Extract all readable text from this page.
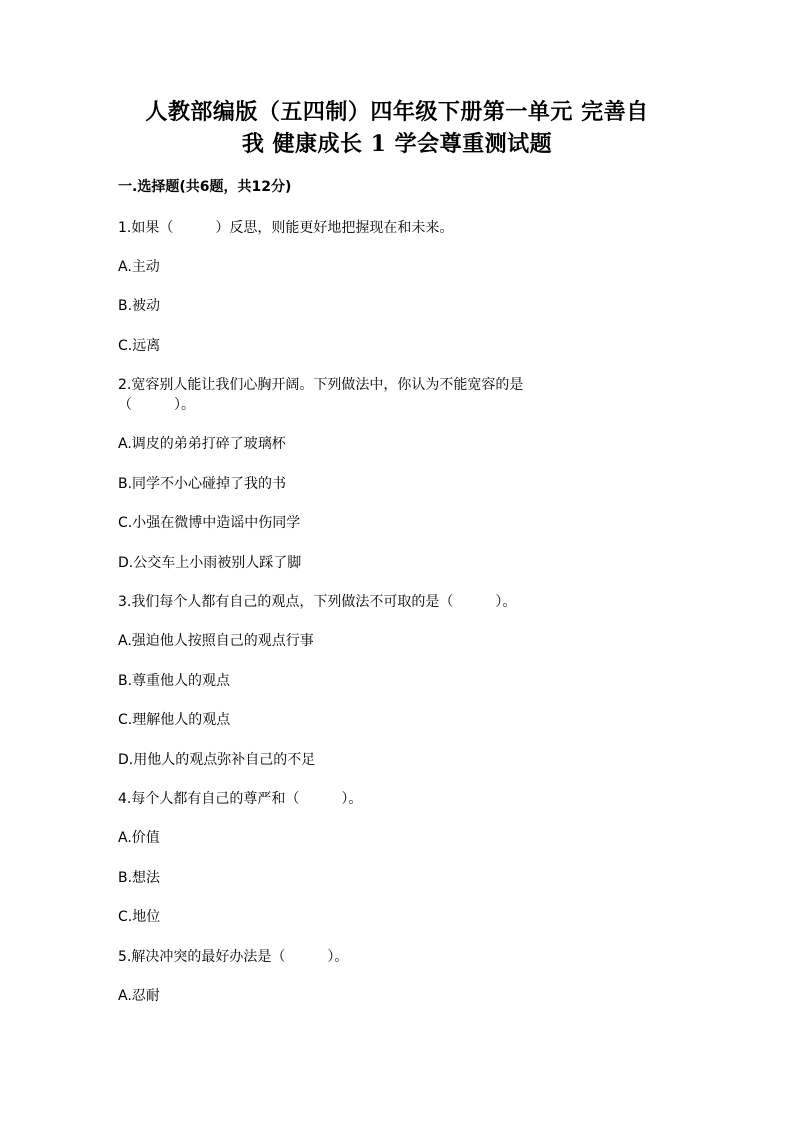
人教部编版（五四制）四年级下册第一单元 完善自
我 健康成长 1 学会尊重测试题
一.选择题(共6题，共12分)
1.如果（　　　）反思，则能更好地把握现在和未来。
A.主动
B.被动
C.远离
2.宽容别人能让我们心胸开阔。下列做法中，你认为不能宽容的是
（　　　）。
A.调皮的弟弟打碎了玻璃杯
B.同学不小心碰掉了我的书
C.小强在微博中造谣中伤同学
D.公交车上小雨被别人踩了脚
3.我们每个人都有自己的观点，下列做法不可取的是（　　　）。
A.强迫他人按照自己的观点行事
B.尊重他人的观点
C.理解他人的观点
D.用他人的观点弥补自己的不足
4.每个人都有自己的尊严和（　　　）。
A.价值
B.想法
C.地位
5.解决冲突的最好办法是（　　　）。
A.忍耐
